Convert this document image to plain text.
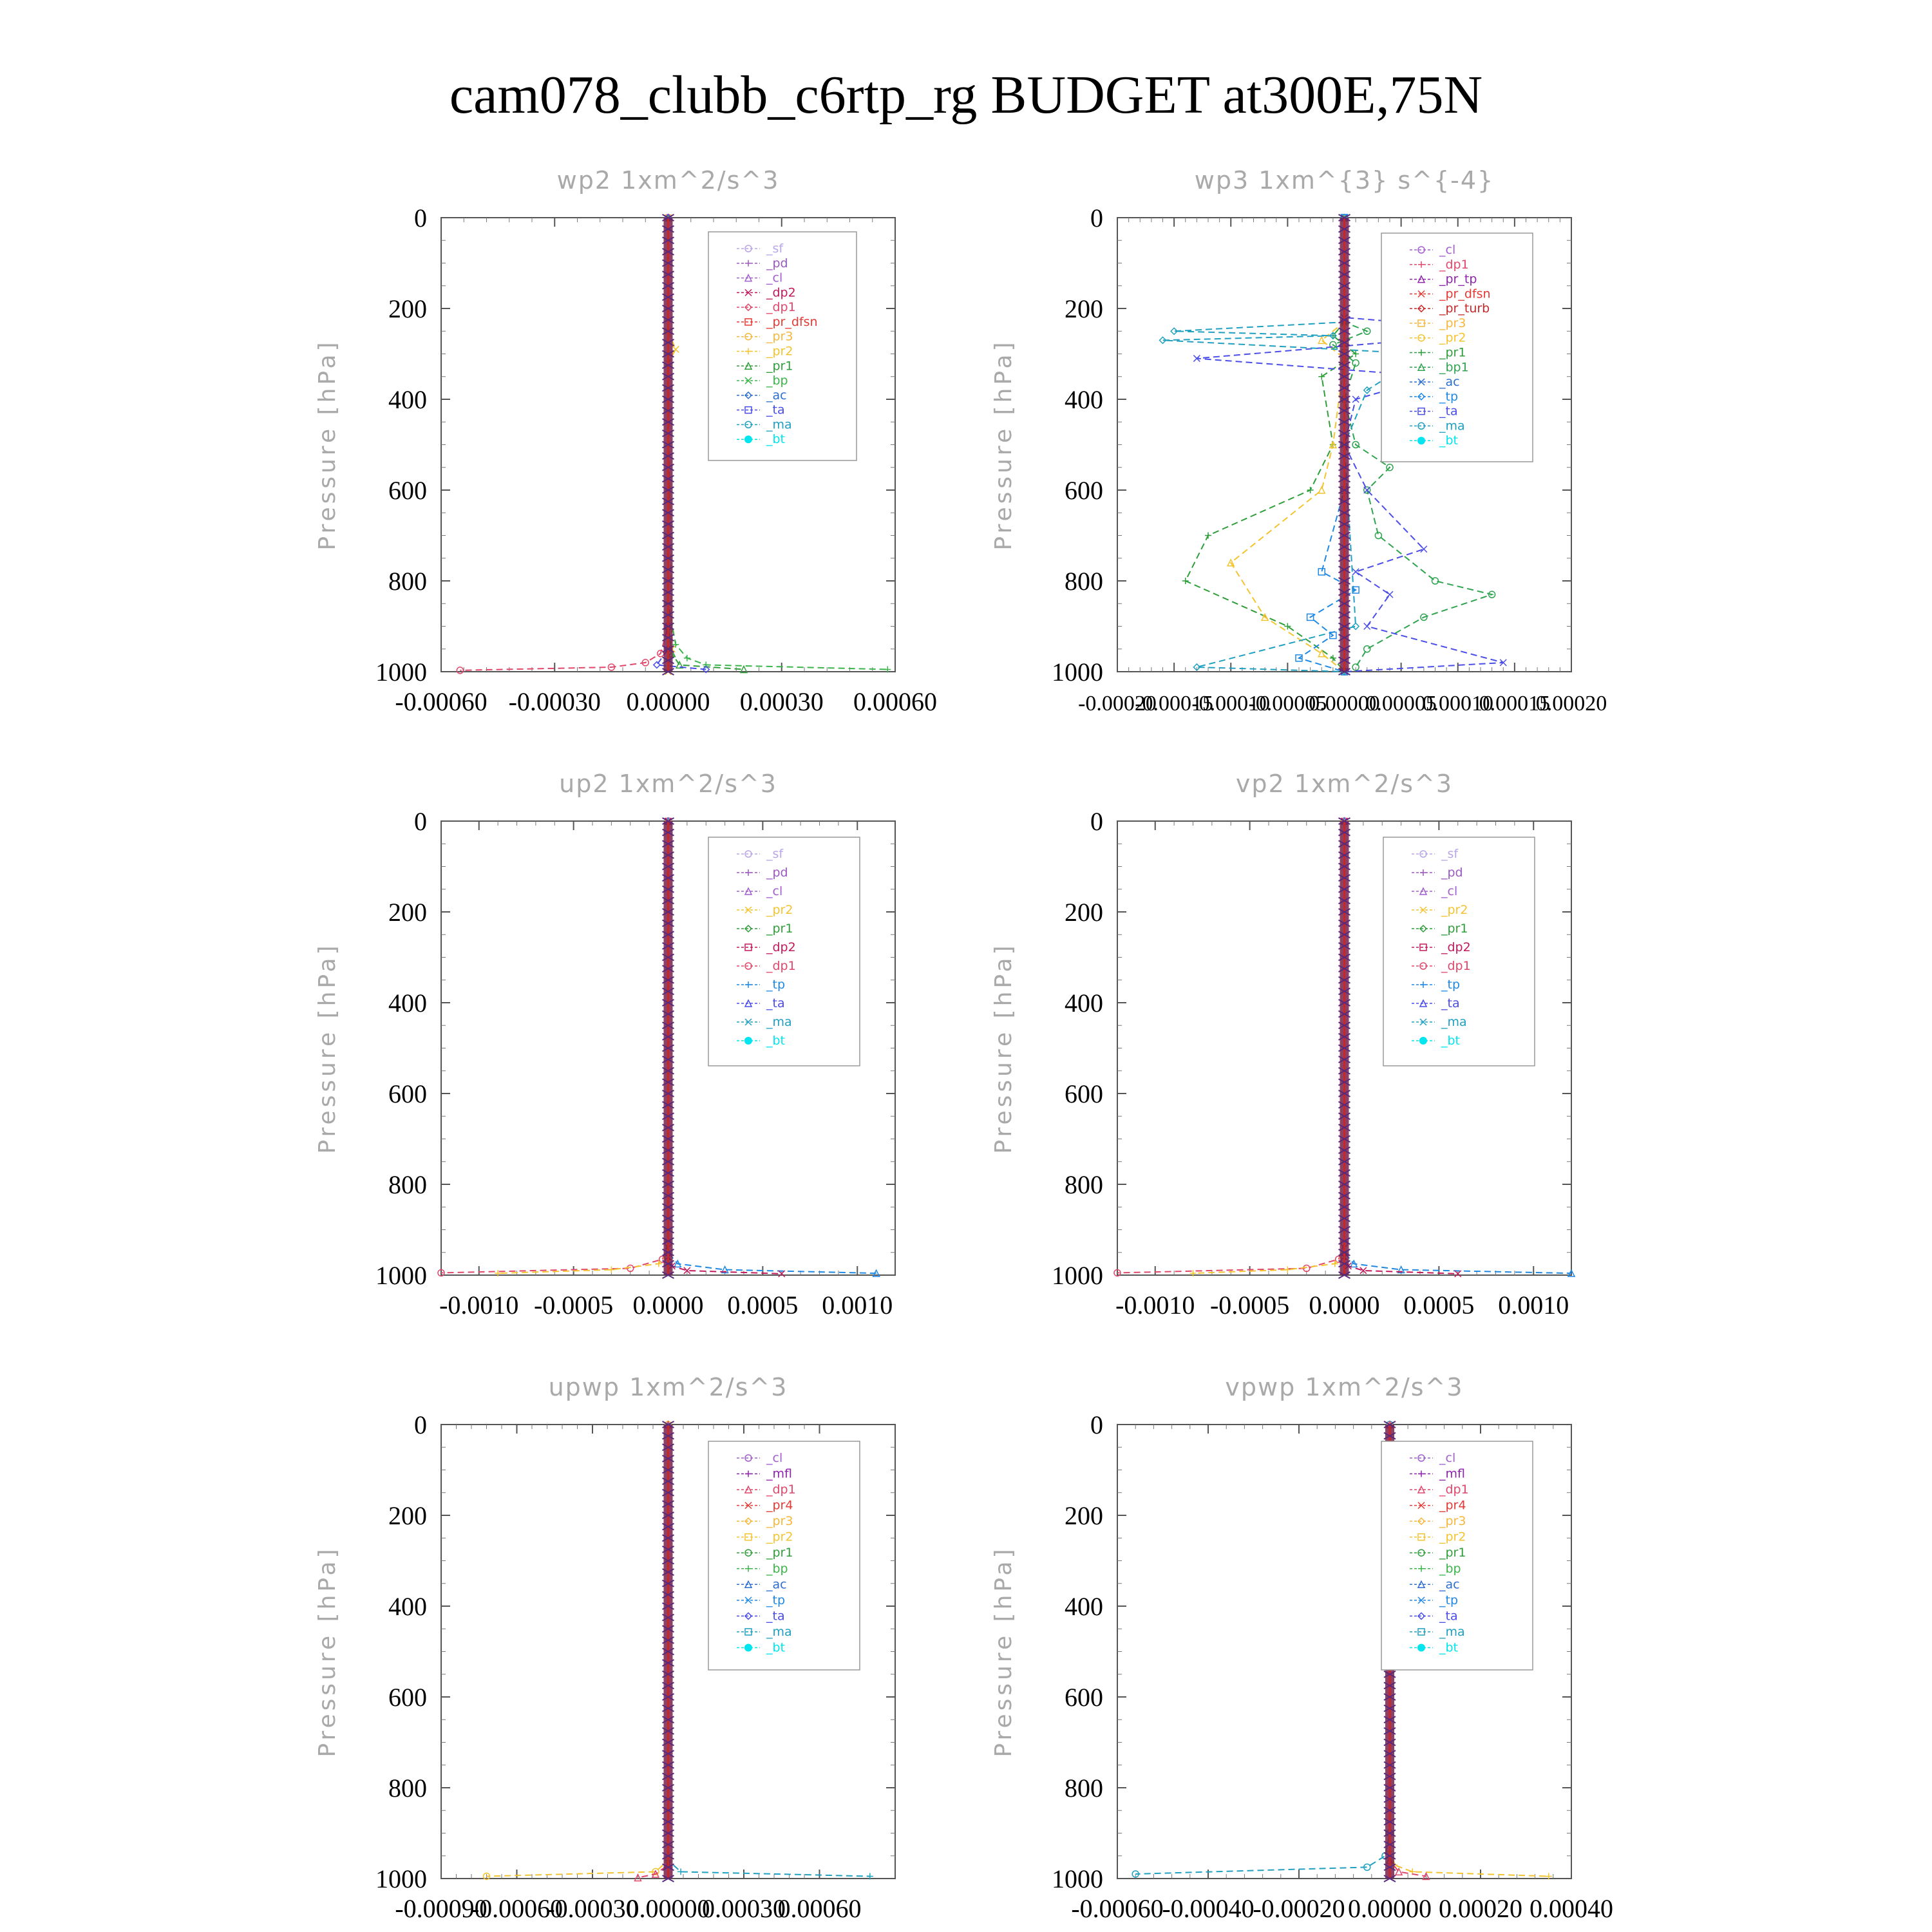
cam078_clubb_c6rtp_rg BUDGET at300E,75N
wp2 1xm^2/s^3
Pressure [hPa]
0
200
400
600
800
1000
-0.00060 -0.00030 0.00000 0.00030 0.00060
_sf
_pd
_cl
_dp2
_dp1
_pr_dfsn
_pr3
_pr2
_pr1
_bp
_ac
_ta
_ma
_bt
wp3 1xm^{3} s^{-4}
Pressure [hPa]
0
200
400
600
800
1000
-0.00020
-0.00015
-0.00010
-0.00005
0.00000
0.00005
0.00010
0.00015
0.00020
_cl
_dp1
_pr_tp
_pr_dfsn
_pr_turb
_pr3
_pr2
_pr1
_bp1
_ac
_tp
_ta
_ma
_bt
up2 1xm^2/s^3
Pressure [hPa]
0
200
400
600
800
1000
-0.0010 -0.0005 0.0000 0.0005 0.0010
_sf
_pd
_cl
_pr2
_pr1
_dp2
_dp1
_tp
_ta
_ma
_bt
vp2 1xm^2/s^3
Pressure [hPa]
0
200
400
600
800
1000
-0.0010 -0.0005 0.0000 0.0005 0.0010
_sf
_pd
_cl
_pr2
_pr1
_dp2
_dp1
_tp
_ta
_ma
_bt
upwp 1xm^2/s^3
Pressure [hPa]
0
200
400
600
800
1000
-0.00090
-0.00060
-0.00030
0.00000
0.00030
0.00060
_cl
_mfl
_dp1
_pr4
_pr3
_pr2
_pr1
_bp
_ac
_tp
_ta
_ma
_bt
vpwp 1xm^2/s^3
Pressure [hPa]
0
200
400
600
800
1000
-0.00060
-0.00040
-0.00020 0.00000 0.00020 0.00040
_cl
_mfl
_dp1
_pr4
_pr3
_pr2
_pr1
_bp
_ac
_tp
_ta
_ma
_bt
